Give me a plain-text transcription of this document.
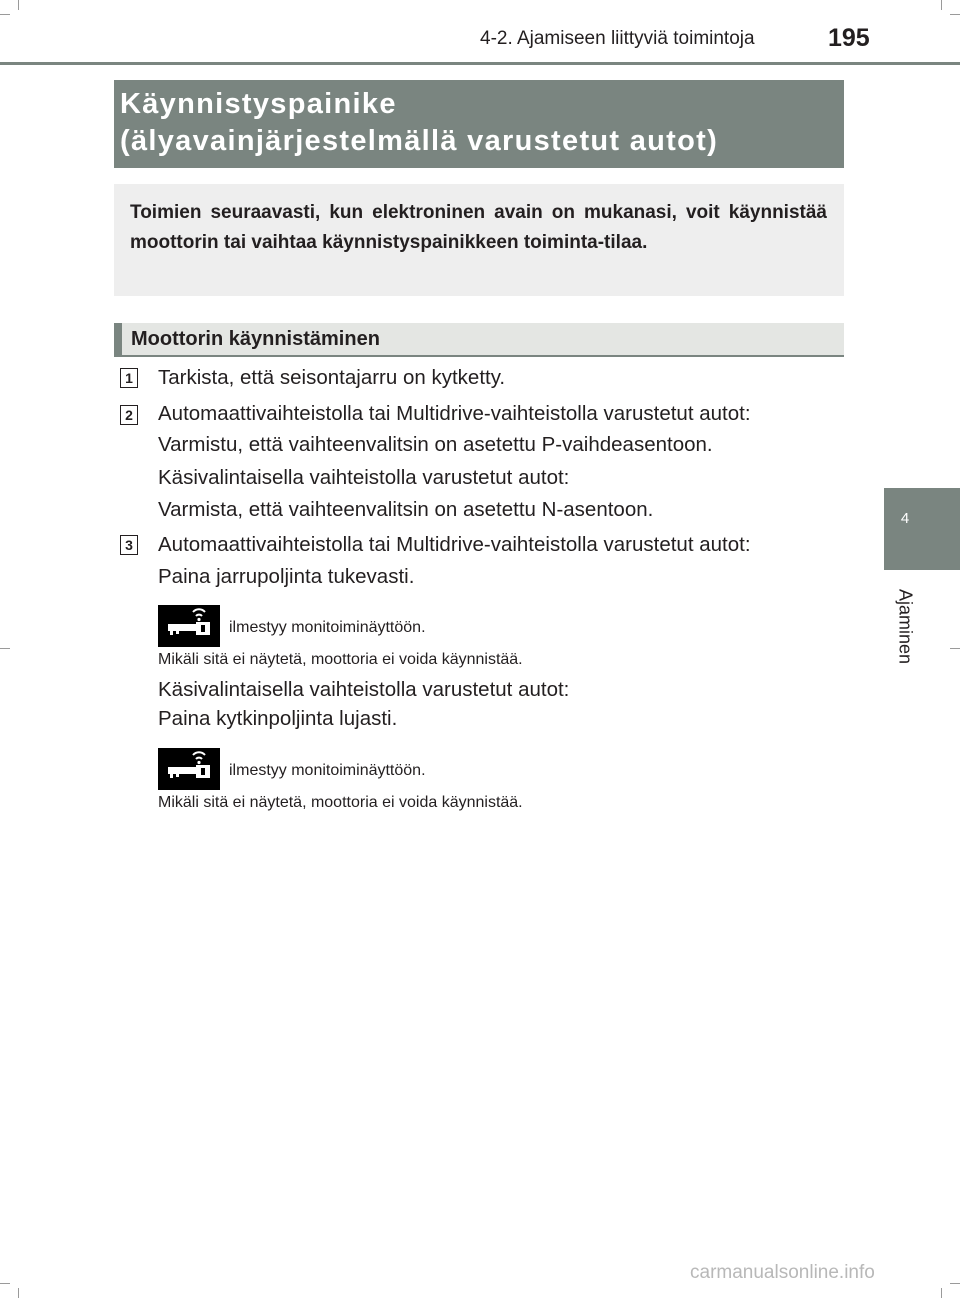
4-2. Ajamiseen liittyviä toimintoja	195
4
Ajaminen
Käynnistyspainike
(älyavainjärjestelmällä varustetut autot)

Toimien seuraavasti, kun elektroninen avain on mukanasi, voit käynnistää moottorin tai vaihtaa käynnistyspainikkeen toiminta-tilaa.

Moottorin käynnistäminen
1 Tarkista, että seisontajarru on kytketty.
2 Automaattivaihteistolla tai Multidrive-vaihteistolla varustetut autot:
Varmistu, että vaihteenvalitsin on asetettu P-vaihdeasentoon.
Käsivalintaisella vaihteistolla varustetut autot:
Varmista, että vaihteenvalitsin on asetettu N-asentoon.
3 Automaattivaihteistolla tai Multidrive-vaihteistolla varustetut autot:
Paina jarrupoljinta tukevasti.
ilmestyy monitoiminäyttöön.
Mikäli sitä ei näytetä, moottoria ei voida käynnistää.
Käsivalintaisella vaihteistolla varustetut autot:
Paina kytkinpoljinta lujasti.
ilmestyy monitoiminäyttöön.
Mikäli sitä ei näytetä, moottoria ei voida käynnistää.
carmanualsonline.info
